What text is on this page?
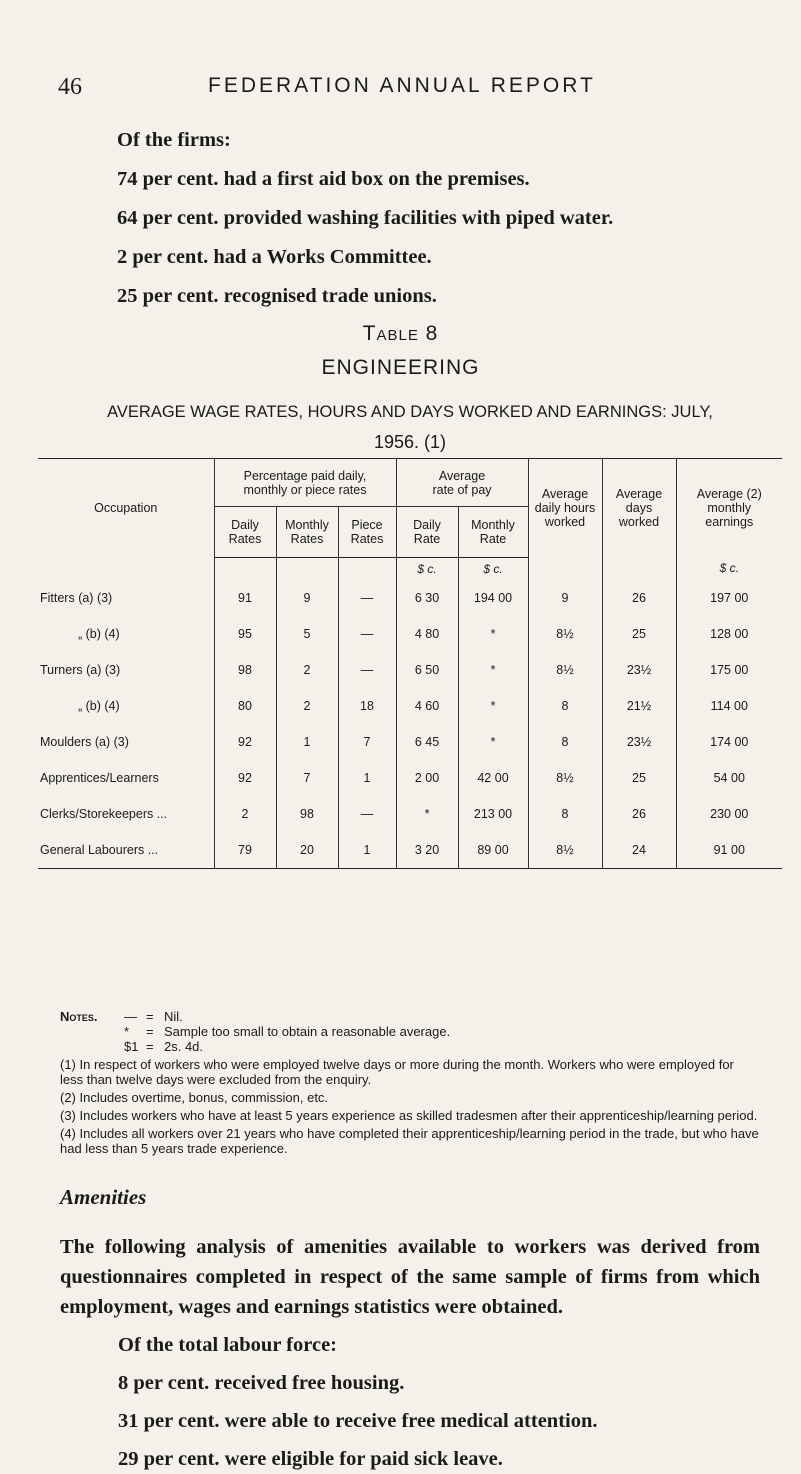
46	FEDERATION ANNUAL REPORT

Of the firms:

74 per cent. had a first aid box on the premises.

64 per cent. provided washing facilities with piped water.

2 per cent. had a Works Committee.

25 per cent. recognised trade unions.

Table 8
ENGINEERING
AVERAGE WAGE RATES, HOURS AND DAYS WORKED AND EARNINGS: JULY,
1956. (1)
Occupation	Percentage paid daily, monthly or piece rates			Average rate of pay		Average daily hours worked	Average days worked	Average (2) monthly earnings
	Daily Rates	Monthly Rates	Piece Rates	Daily Rate	Monthly Rate			
				$ c.	$ c.			$ c.
Fitters (a) (3)	91	9	—	6 30	194 00	9	26	197 00
„ (b) (4)	95	5	—	4 80	*	8½	25	128 00
Turners (a) (3)	98	2	—	6 50	*	8½	23½	175 00
„ (b) (4)	80	2	18	4 60	*	8	21½	114 00
Moulders (a) (3)	92	1	7	6 45	*	8	23½	174 00
Apprentices/Learners	92	7	1	2 00	42 00	8½	25	54 00
Clerks/Storekeepers ...	2	98	—	*	213 00	8	26	230 00
General Labourers ...	79	20	1	3 20	89 00	8½	24	91 00
Notes.	— = Nil.
*	= Sample too small to obtain a reasonable average.
$1 = 2s. 4d.

(1) In respect of workers who were employed twelve days or more during the month. Workers who were employed for less than twelve days were excluded from the enquiry.

(2) Includes overtime, bonus, commission, etc.

(3) Includes workers who have at least 5 years experience as skilled tradesmen after their apprenticeship/learning period.

(4) Includes all workers over 21 years who have completed their apprenticeship/learning period in the trade, but who have had less than 5 years trade experience.

Amenities

The following analysis of amenities available to workers was derived from questionnaires completed in respect of the same sample of firms from which employment, wages and earnings statistics were obtained.

Of the total labour force:

8 per cent. received free housing.

31 per cent. were able to receive free medical attention.

29 per cent. were eligible for paid sick leave.
